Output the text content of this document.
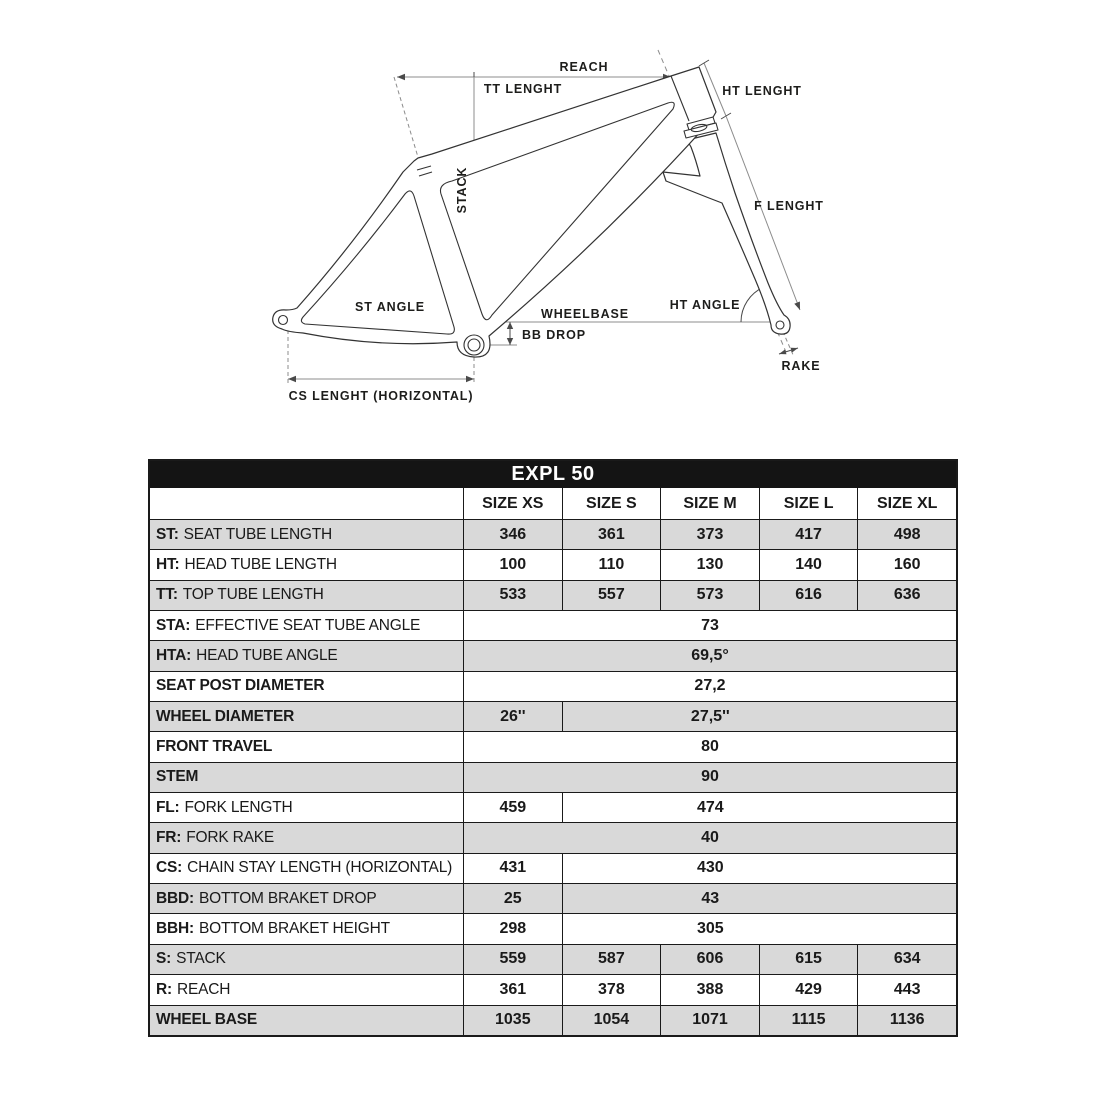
REACH
TT LENGHT	HT LENGHT
STACK	F LENGHT
ST ANGLE	HT ANGLE
WHEELBASE
BB DROP
RAKE
CS LENGHT (HORIZONTAL)
EXPL 50
SIZE XS	SIZE S	SIZE M	SIZE L	SIZE XL
ST: SEAT TUBE LENGTH	346	361	373	417	498
HT: HEAD TUBE LENGTH	100	110	130	140	160
TT: TOP TUBE LENGTH	533	557	573	616	636
STA: EFFECTIVE SEAT TUBE ANGLE	73
HTA: HEAD TUBE ANGLE	69,5°
SEAT POST DIAMETER	27,2
WHEEL DIAMETER	26''	27,5''
FRONT TRAVEL	80
STEM	90
FL: FORK LENGTH	459	474
FR: FORK RAKE	40
CS: CHAIN STAY LENGTH (HORIZONTAL)	431	430
BBD: BOTTOM BRAKET DROP	25	43
BBH: BOTTOM BRAKET HEIGHT	298	305
S: STACK	559	587	606	615	634
R: REACH	361	378	388	429	443
WHEEL BASE	1035	1054	1071	1115	1136
